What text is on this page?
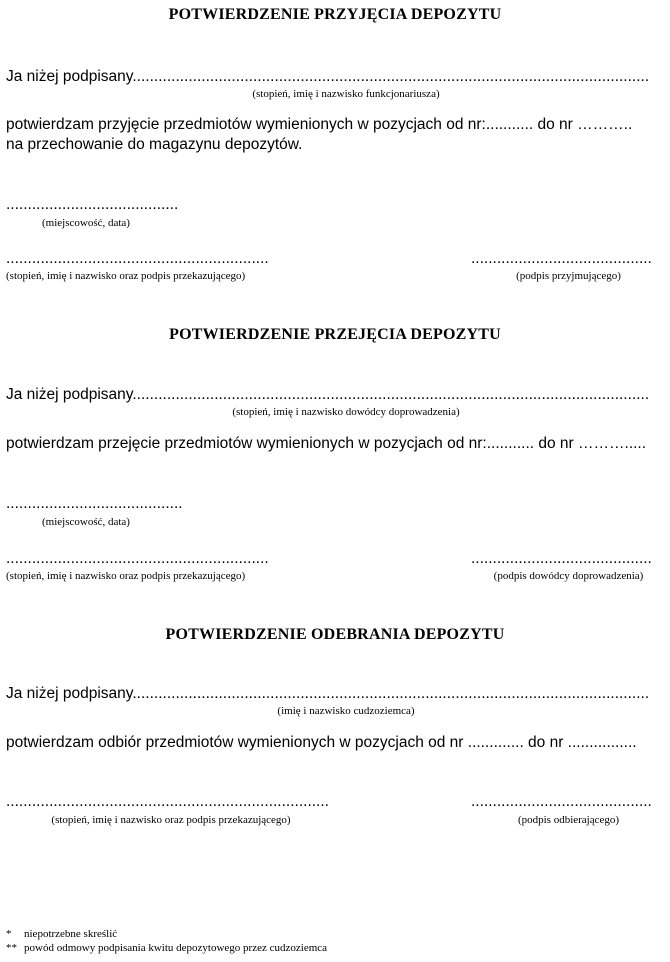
POTWIERDZENIE PRZYJĘCIA DEPOZYTU
Ja niżej podpisany........................................................................................................................
(stopień, imię i nazwisko funkcjonariusza)
potwierdzam przyjęcie przedmiotów wymienionych w pozycjach od nr:........... do nr ………..
na przechowanie do magazynu depozytów.
........................................
(miejscowość, data)
.............................................................
(stopień, imię i nazwisko oraz podpis przekazującego)
..........................................
(podpis przyjmującego)
POTWIERDZENIE PRZEJĘCIA DEPOZYTU
Ja niżej podpisany........................................................................................................................
(stopień, imię i nazwisko dowódcy doprowadzenia)
potwierdzam przejęcie przedmiotów wymienionych w pozycjach od nr:........... do nr ……….....
.........................................
(miejscowość, data)
.............................................................
(stopień, imię i nazwisko oraz podpis przekazującego)
..........................................
(podpis dowódcy doprowadzenia)
POTWIERDZENIE ODEBRANIA DEPOZYTU
Ja niżej podpisany........................................................................................................................
(imię i nazwisko cudzoziemca)
potwierdzam odbiór przedmiotów wymienionych w pozycjach od nr ............. do nr ................
...........................................................................
(stopień, imię i nazwisko oraz podpis przekazującego)
..........................................
(podpis odbierającego)
* niepotrzebne skreślić
** powód odmowy podpisania kwitu depozytowego przez cudzoziemca
